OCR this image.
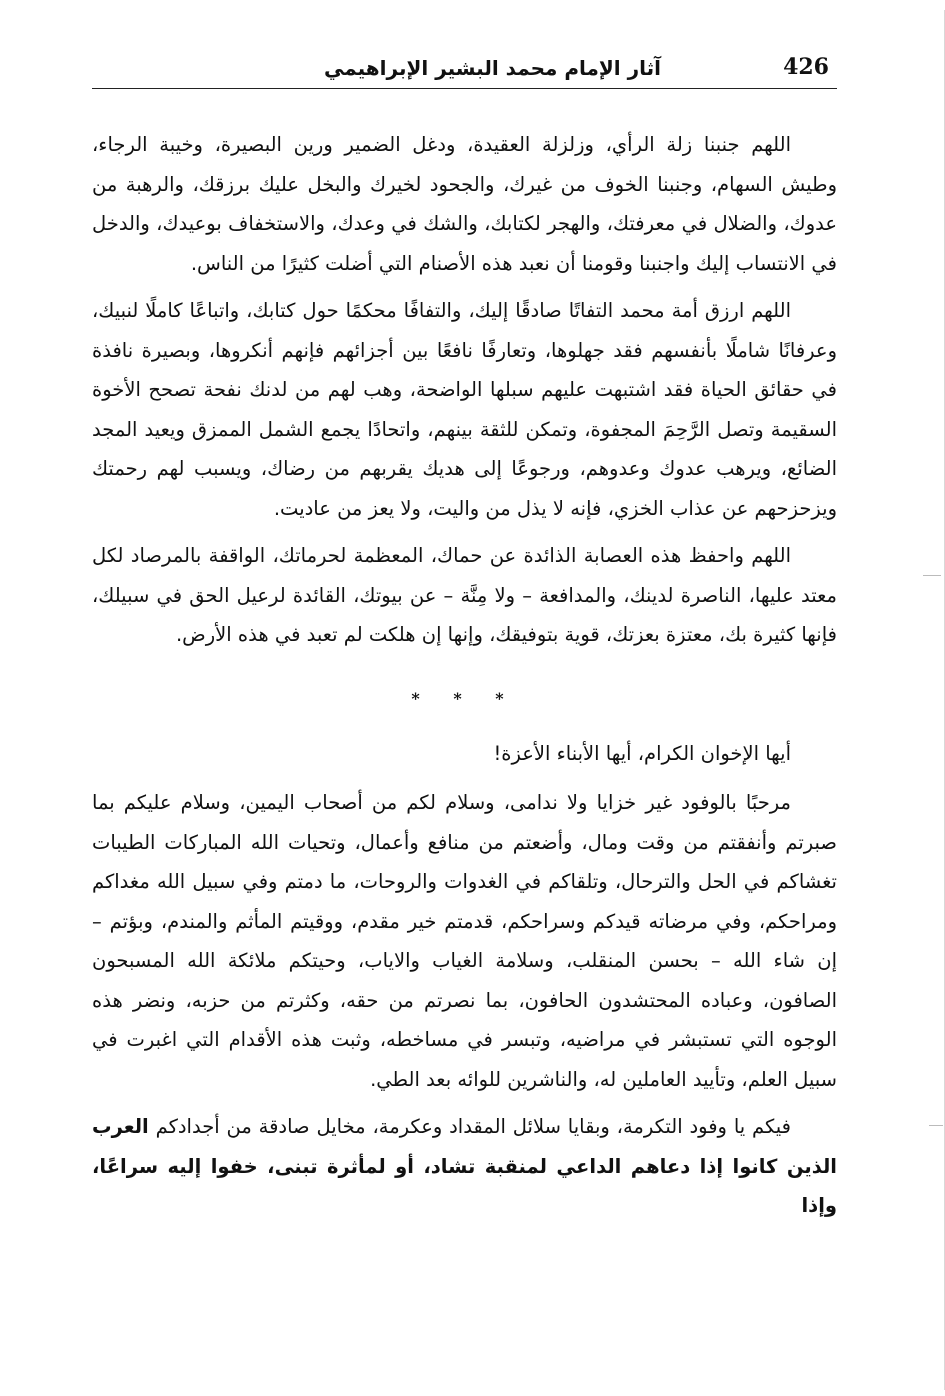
426
آثار الإمام محمد البشير الإبراهيمي

اللهم جنبنا زلة الرأي، وزلزلة العقيدة، ودغل الضمير ورين البصيرة، وخيبة الرجاء، وطيش السهام، وجنبنا الخوف من غيرك، والجحود لخيرك والبخل عليك برزقك، والرهبة من عدوك، والضلال في معرفتك، والهجر لكتابك، والشك في وعدك، والاستخفاف بوعيدك، والدخل في الانتساب إليك واجنبنا وقومنا أن نعبد هذه الأصنام التي أضلت كثيرًا من الناس.

اللهم ارزق أمة محمد التفاتًا صادقًا إليك، والتفافًا محكمًا حول كتابك، واتباعًا كاملًا لنبيك، وعرفانًا شاملًا بأنفسهم فقد جهلوها، وتعارفًا نافعًا بين أجزائهم فإنهم أنكروها، وبصيرة نافذة في حقائق الحياة فقد اشتبهت عليهم سبلها الواضحة، وهب لهم من لدنك نفحة تصحح الأخوة السقيمة وتصل الرَّحِمَ المجفوة، وتمكن للثقة بينهم، واتحادًا يجمع الشمل الممزق ويعيد المجد الضائع، ويرهب عدوك وعدوهم، ورجوعًا إلى هديك يقربهم من رضاك، ويسبب لهم رحمتك ويزحزحهم عن عذاب الخزي، فإنه لا يذل من واليت، ولا يعز من عاديت.

اللهم واحفظ هذه العصابة الذائدة عن حماك، المعظمة لحرماتك، الواقفة بالمرصاد لكل معتد عليها، الناصرة لدينك، والمدافعة – ولا مِنَّة – عن بيوتك، القائدة لرعيل الحق في سبيلك، فإنها كثيرة بك، معتزة بعزتك، قوية بتوفيقك، وإنها إن هلكت لم تعبد في هذه الأرض.

* * *

أيها الإخوان الكرام، أيها الأبناء الأعزة!

مرحبًا بالوفود غير خزايا ولا ندامى، وسلام لكم من أصحاب اليمين، وسلام عليكم بما صبرتم وأنفقتم من وقت ومال، وأضعتم من منافع وأعمال، وتحيات الله المباركات الطيبات تغشاكم في الحل والترحال، وتلقاكم في الغدوات والروحات، ما دمتم وفي سبيل الله مغداكم ومراحكم، وفي مرضاته قيدكم وسراحكم، قدمتم خير مقدم، ووقيتم المأثم والمندم، وبؤتم – إن شاء الله – بحسن المنقلب، وسلامة الغياب والاياب، وحيتكم ملائكة الله المسبحون الصافون، وعباده المحتشدون الحافون، بما نصرتم من حقه، وكثرتم من حزبه، ونضر هذه الوجوه التي تستبشر في مراضيه، وتبسر في مساخطه، وثبت هذه الأقدام التي اغبرت في سبيل العلم، وتأييد العاملين له، والناشرين للوائه بعد الطي.

فيكم يا وفود التكرمة، وبقايا سلائل المقداد وعكرمة، مخايل صادقة من أجدادكم العرب الذين كانوا إذا دعاهم الداعي لمنقبة تشاد، أو لمأثرة تبنى، خفوا إليه سراعًا، وإذا
